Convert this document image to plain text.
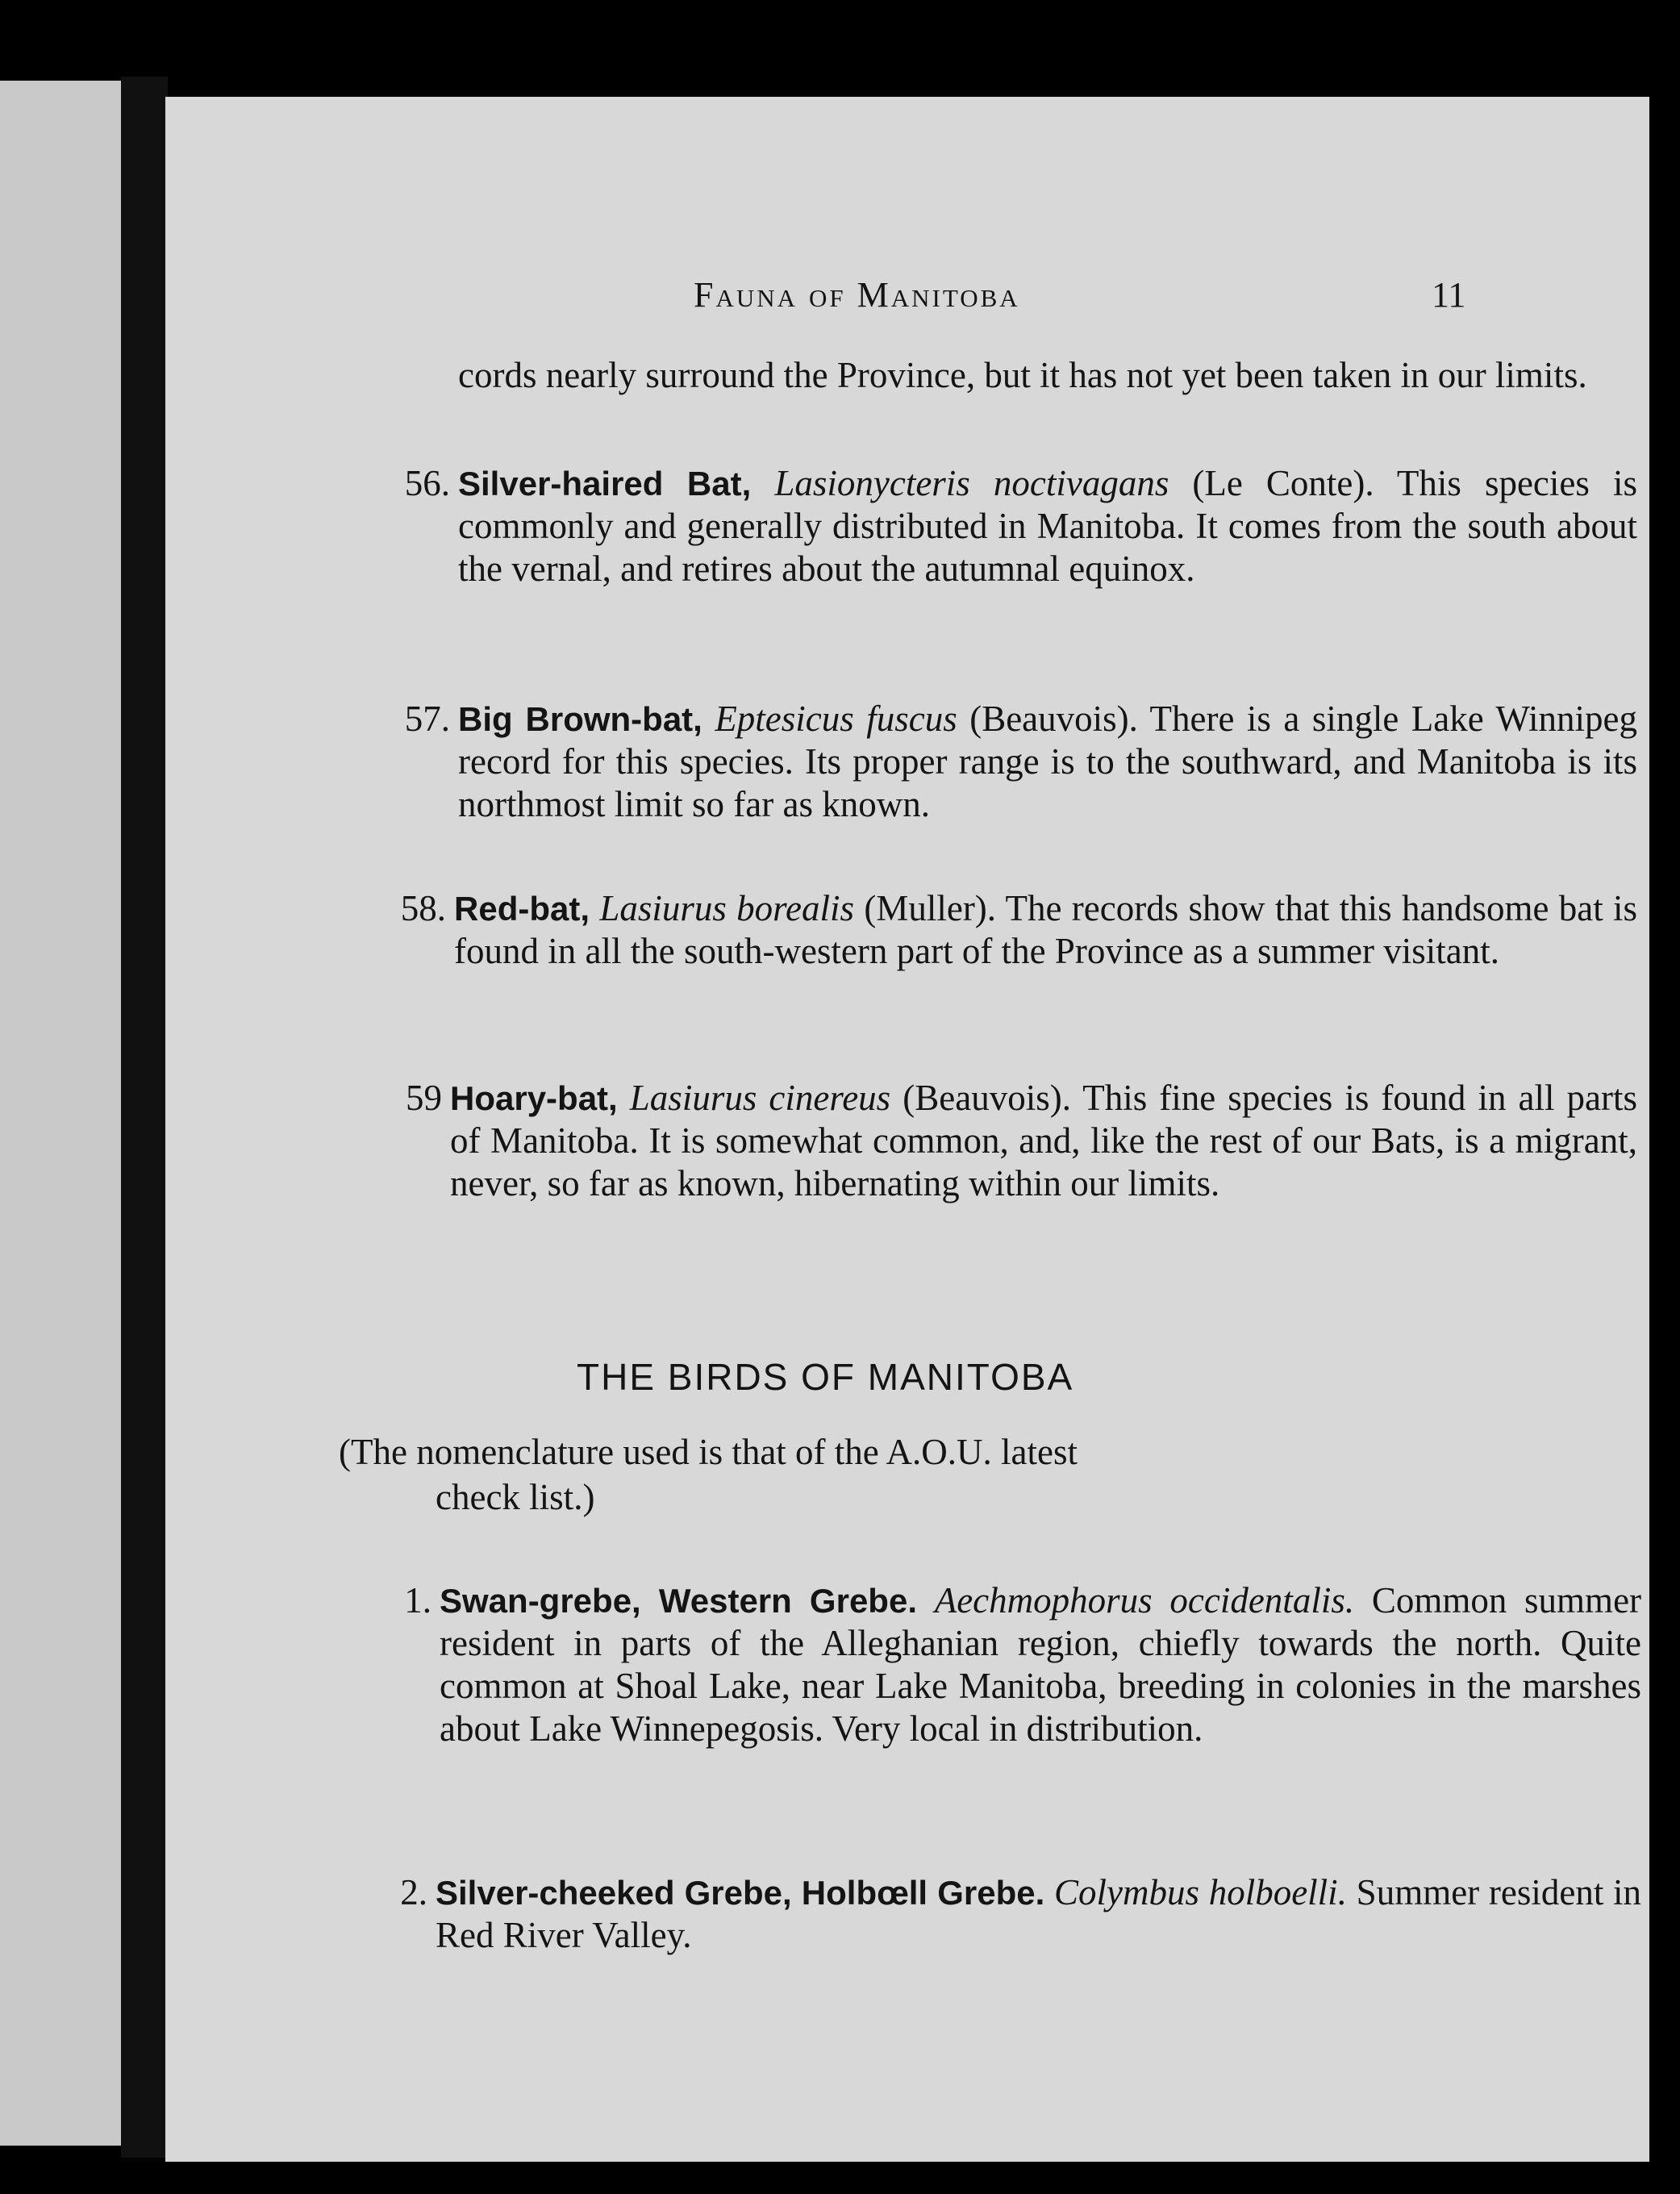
Fauna of Manitoba	11
cords nearly surround the Province, but it has not yet been taken in our limits.
56. Silver-haired Bat, Lasionycteris noctivagans (Le Conte). This species is commonly and generally distributed in Manitoba. It comes from the south about the vernal, and retires about the autumnal equinox.
57. Big Brown-bat, Eptesicus fuscus (Beauvois). There is a single Lake Winnipeg record for this species. Its proper range is to the southward, and Manitoba is its northmost limit so far as known.
58. Red-bat, Lasiurus borealis (Muller). The records show that this handsome bat is found in all the south-western part of the Province as a summer visitant.
59 Hoary-bat, Lasiurus cinereus (Beauvois). This fine species is found in all parts of Manitoba. It is somewhat common, and, like the rest of our Bats, is a migrant, never, so far as known, hibernating within our limits.
THE BIRDS OF MANITOBA
(The nomenclature used is that of the A.O.U. latest
check list.)
1. Swan-grebe, Western Grebe. Aechmophorus occidentalis. Common summer resident in parts of the Alleghanian region, chiefly towards the north. Quite common at Shoal Lake, near Lake Manitoba, breeding in colonies in the marshes about Lake Winnepegosis. Very local in distribution.
2. Silver-cheeked Grebe, Holbœll Grebe. Colymbus holboelli. Summer resident in Red River Valley.
